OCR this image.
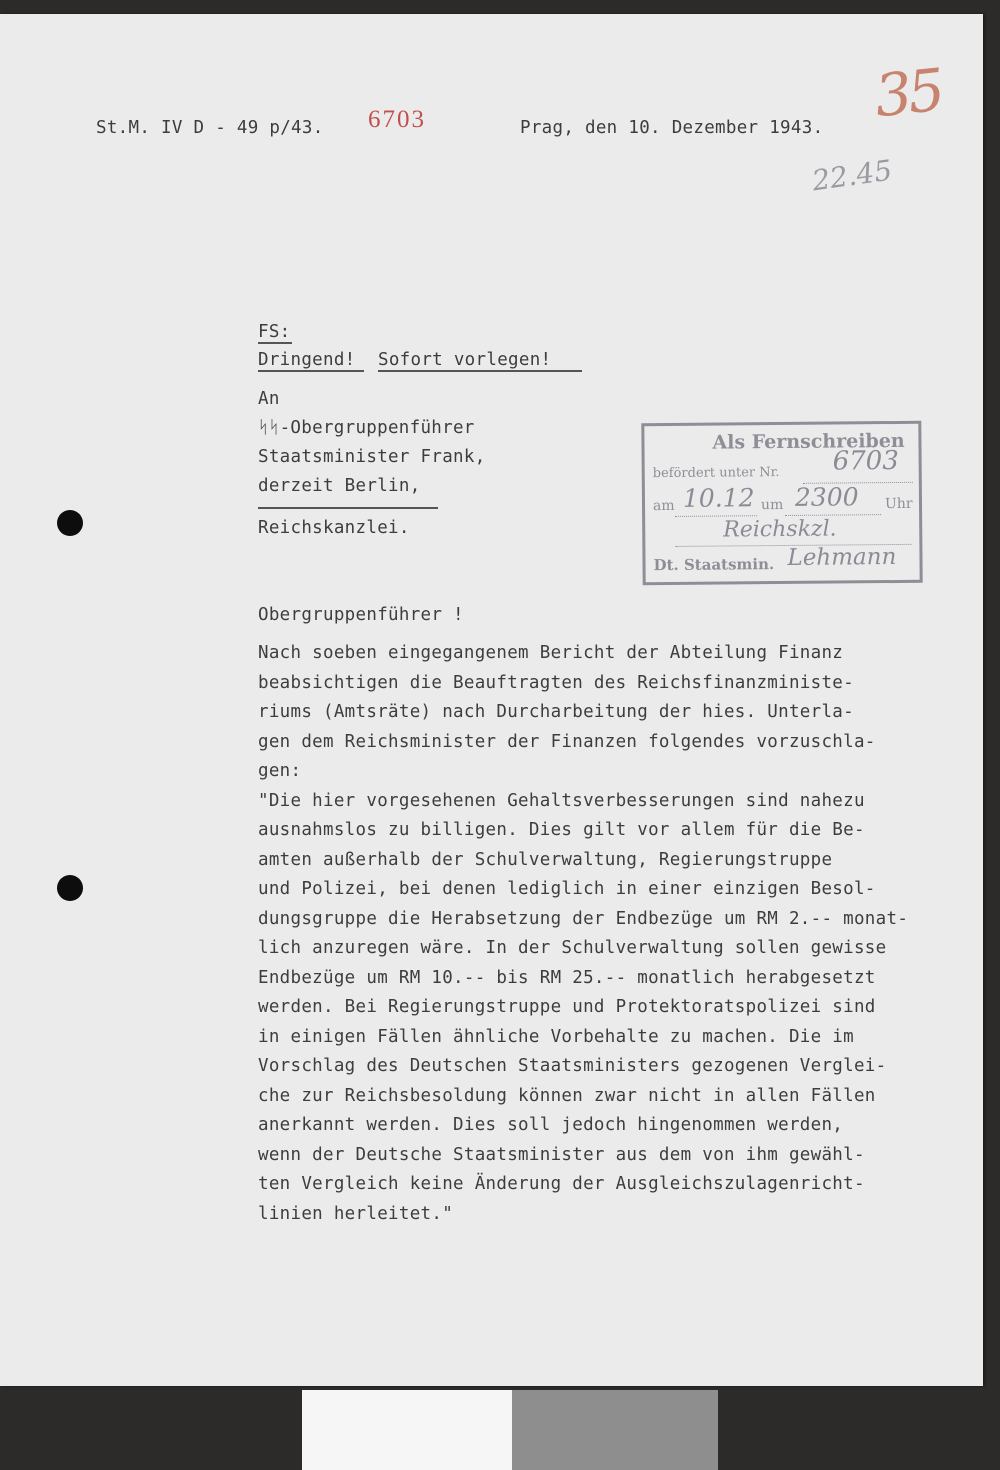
St.M. IV D - 49 p/43. 6703	Prag, den 10. Dezember 1943. 35
22.45
FS:
Dringend! Sofort vorlegen!
An
ᛋᛋ-Obergruppenführer
Staatsminister Frank,
derzeit Berlin,
Reichskanzlei.
Als Fernschreiben
befördert unter Nr. 6703
am 10.12 um 2300 Uhr
Reichskzl.
Dt. Staatsmin. Lehmann
Obergruppenführer !
Nach soeben eingegangenem Bericht der Abteilung Finanz
beabsichtigen die Beauftragten des Reichsfinanzministe-
riums (Amtsräte) nach Durcharbeitung der hies. Unterla-
gen dem Reichsminister der Finanzen folgendes vorzuschla-
gen:
"Die hier vorgesehenen Gehaltsverbesserungen sind nahezu
ausnahmslos zu billigen. Dies gilt vor allem für die Be-
amten außerhalb der Schulverwaltung, Regierungstruppe
und Polizei, bei denen lediglich in einer einzigen Besol-
dungsgruppe die Herabsetzung der Endbezüge um RM 2.-- monat-
lich anzuregen wäre. In der Schulverwaltung sollen gewisse
Endbezüge um RM 10.-- bis RM 25.-- monatlich herabgesetzt
werden. Bei Regierungstruppe und Protektoratspolizei sind
in einigen Fällen ähnliche Vorbehalte zu machen. Die im
Vorschlag des Deutschen Staatsministers gezogenen Verglei-
che zur Reichsbesoldung können zwar nicht in allen Fällen
anerkannt werden. Dies soll jedoch hingenommen werden,
wenn der Deutsche Staatsminister aus dem von ihm gewähl-
ten Vergleich keine Änderung der Ausgleichszulagenricht-
linien herleitet."
